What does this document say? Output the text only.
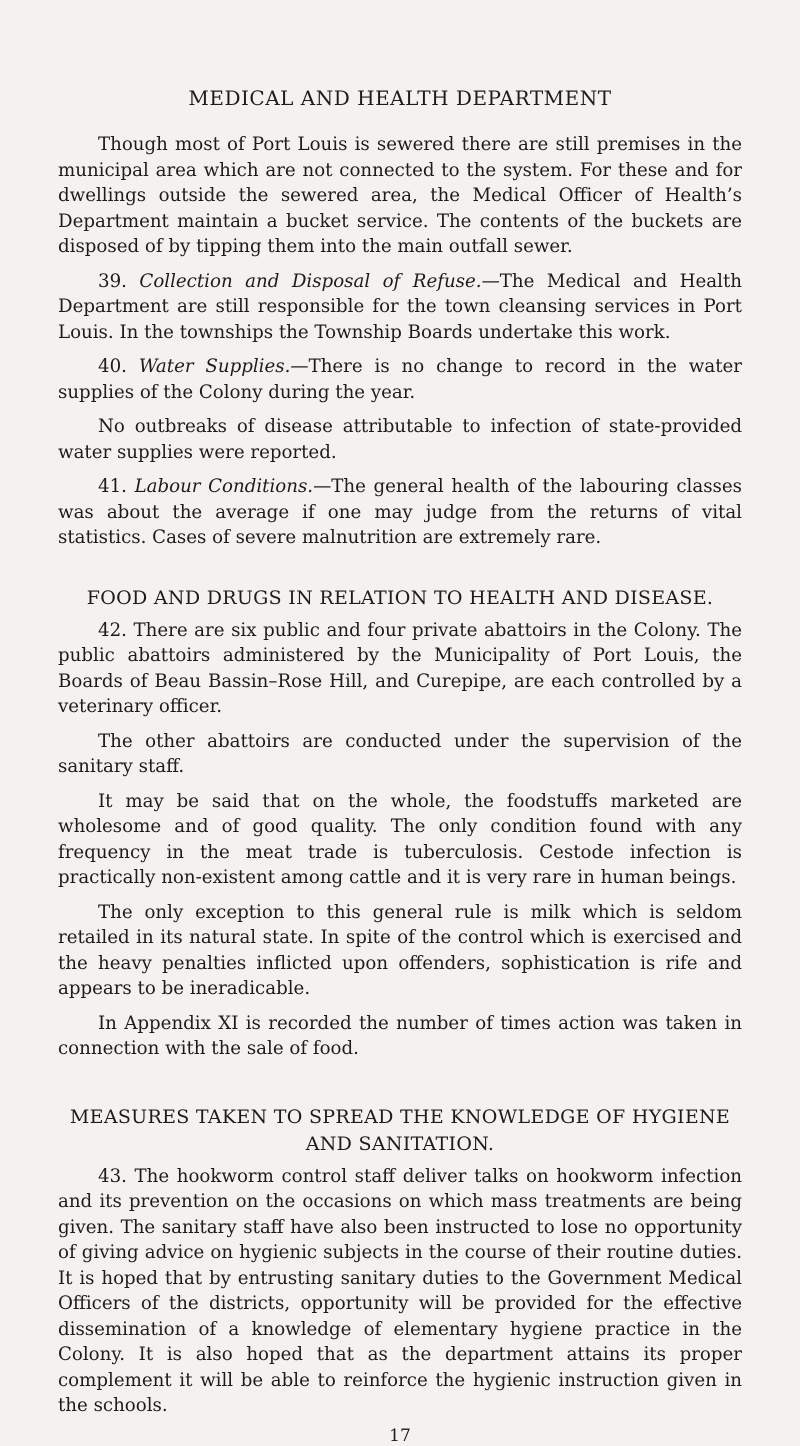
MEDICAL AND HEALTH DEPARTMENT

Though most of Port Louis is sewered there are still premises in the municipal area which are not connected to the system. For these and for dwellings outside the sewered area, the Medical Officer of Health’s Department maintain a bucket service. The contents of the buckets are disposed of by tipping them into the main outfall sewer.

39. Collection and Disposal of Refuse.—The Medical and Health Department are still responsible for the town cleansing services in Port Louis. In the townships the Township Boards undertake this work.

40. Water Supplies.—There is no change to record in the water supplies of the Colony during the year.

No outbreaks of disease attributable to infection of state-provided water supplies were reported.

41. Labour Conditions.—The general health of the labouring classes was about the average if one may judge from the returns of vital statistics. Cases of severe malnutrition are extremely rare.

FOOD AND DRUGS IN RELATION TO HEALTH AND DISEASE.

42. There are six public and four private abattoirs in the Colony. The public abattoirs administered by the Municipality of Port Louis, the Boards of Beau Bassin–Rose Hill, and Curepipe, are each controlled by a veterinary officer.

The other abattoirs are conducted under the supervision of the sanitary staff.

It may be said that on the whole, the foodstuffs marketed are wholesome and of good quality. The only condition found with any frequency in the meat trade is tuberculosis. Cestode infection is practically non-existent among cattle and it is very rare in human beings.

The only exception to this general rule is milk which is seldom retailed in its natural state. In spite of the control which is exercised and the heavy penalties inflicted upon offenders, sophistication is rife and appears to be ineradicable.

In Appendix XI is recorded the number of times action was taken in connection with the sale of food.

MEASURES TAKEN TO SPREAD THE KNOWLEDGE OF HYGIENE
AND SANITATION.

43. The hookworm control staff deliver talks on hookworm infection and its prevention on the occasions on which mass treatments are being given. The sanitary staff have also been instructed to lose no opportunity of giving advice on hygienic subjects in the course of their routine duties. It is hoped that by entrusting sanitary duties to the Government Medical Officers of the districts, opportunity will be provided for the effective dissemination of a knowledge of elementary hygiene practice in the Colony. It is also hoped that as the department attains its proper complement it will be able to reinforce the hygienic instruction given in the schools.

17
